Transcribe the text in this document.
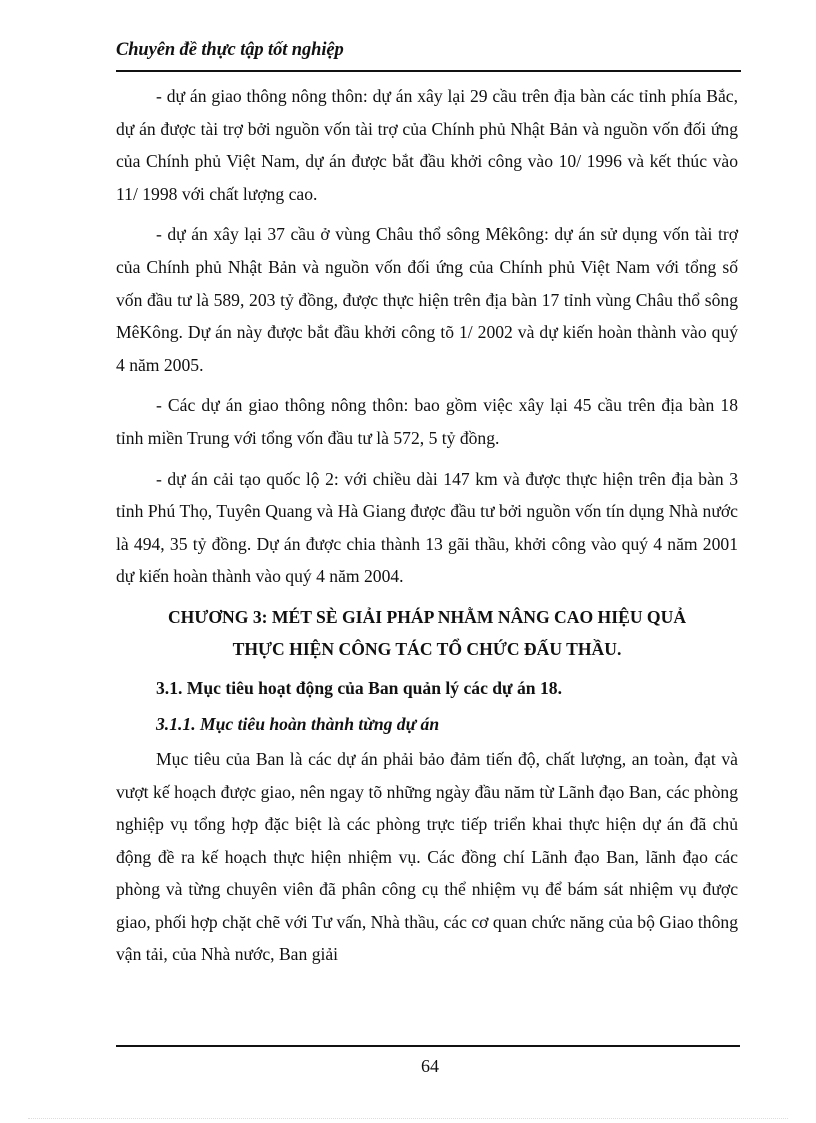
Chuyên đề thực tập tốt nghiệp

- dự án giao thông nông thôn: dự án xây lại 29 cầu trên địa bàn các tỉnh phía Bắc, dự án được tài trợ bởi nguồn vốn tài trợ của Chính phủ Nhật Bản và nguồn vốn đối ứng của Chính phủ Việt Nam, dự án được bắt đầu khởi công vào 10/ 1996 và kết thúc vào 11/ 1998 với chất lượng cao.

- dự án xây lại 37 cầu ở vùng Châu thổ sông Mêkông: dự án sử dụng vốn tài trợ của Chính phủ Nhật Bản và nguồn vốn đối ứng của Chính phủ Việt Nam với tổng số vốn đầu tư là 589, 203 tỷ đồng, được thực hiện trên địa bàn 17 tỉnh vùng Châu thổ sông MêKông. Dự án này được bắt đầu khởi công tõ 1/ 2002 và dự kiến hoàn thành vào quý 4 năm 2005.

- Các dự án giao thông nông thôn: bao gồm việc xây lại 45 cầu trên địa bàn 18 tỉnh miền Trung với tổng vốn đầu tư là 572, 5 tỷ đồng.

- dự án cải tạo quốc lộ 2: với chiều dài 147 km và được thực hiện trên địa bàn 3 tỉnh Phú Thọ, Tuyên Quang và Hà Giang được đầu tư bởi nguồn vốn tín dụng Nhà nước là 494, 35 tỷ đồng. Dự án được chia thành 13 gãi thầu, khởi công vào quý 4 năm 2001 dự kiến hoàn thành vào quý 4 năm 2004.

CHƯƠNG 3: MÉT SÈ GIẢI PHÁP NHẰM NÂNG CAO HIỆU QUẢ
THỰC HIỆN CÔNG TÁC TỔ CHỨC ĐẤU THẦU.
3.1. Mục tiêu hoạt động của Ban quản lý các dự án 18.
3.1.1. Mục tiêu hoàn thành từng dự án

Mục tiêu của Ban là các dự án phải bảo đảm tiến độ, chất lượng, an toàn, đạt và vượt kế hoạch được giao, nên ngay tõ những ngày đầu năm từ Lãnh đạo Ban, các phòng nghiệp vụ tổng hợp đặc biệt là các phòng trực tiếp triển khai thực hiện dự án đã chủ động đề ra kế hoạch thực hiện nhiệm vụ. Các đồng chí Lãnh đạo Ban, lãnh đạo các phòng và từng chuyên viên đã phân công cụ thể nhiệm vụ để bám sát nhiệm vụ được giao, phối hợp chặt chẽ với Tư vấn, Nhà thầu, các cơ quan chức năng của bộ Giao thông vận tải, của Nhà nước, Ban giải

64
